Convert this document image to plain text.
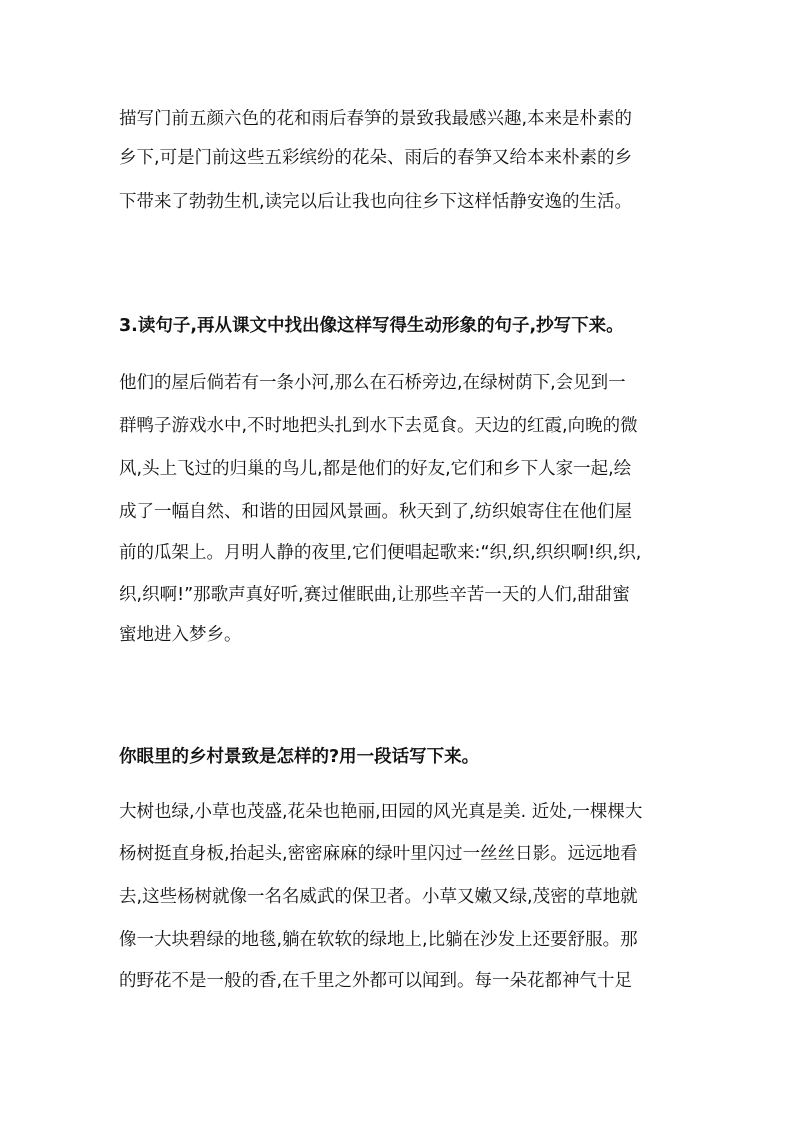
描写门前五颜六色的花和雨后春笋的景致我最感兴趣,本来是朴素的
乡下,可是门前这些五彩缤纷的花朵、雨后的春笋又给本来朴素的乡
下带来了勃勃生机,读完以后让我也向往乡下这样恬静安逸的生活。
3.读句子,再从课文中找出像这样写得生动形象的句子,抄写下来。
他们的屋后倘若有一条小河,那么在石桥旁边,在绿树荫下,会见到一
群鸭子游戏水中,不时地把头扎到水下去觅食。天边的红霞,向晚的微
风,头上飞过的归巢的鸟儿,都是他们的好友,它们和乡下人家一起,绘
成了一幅自然、和谐的田园风景画。秋天到了,纺织娘寄住在他们屋
前的瓜架上。月明人静的夜里,它们便唱起歌来:“织,织,织织啊!织,织,
织,织啊!”那歌声真好听,赛过催眠曲,让那些辛苦一天的人们,甜甜蜜
蜜地进入梦乡。
你眼里的乡村景致是怎样的?用一段话写下来。
大树也绿,小草也茂盛,花朵也艳丽,田园的风光真是美. 近处,一棵棵大
杨树挺直身板,抬起头,密密麻麻的绿叶里闪过一丝丝日影。远远地看
去,这些杨树就像一名名威武的保卫者。小草又嫩又绿,茂密的草地就
像一大块碧绿的地毯,躺在软软的绿地上,比躺在沙发上还要舒服。那
的野花不是一般的香,在千里之外都可以闻到。每一朵花都神气十足
